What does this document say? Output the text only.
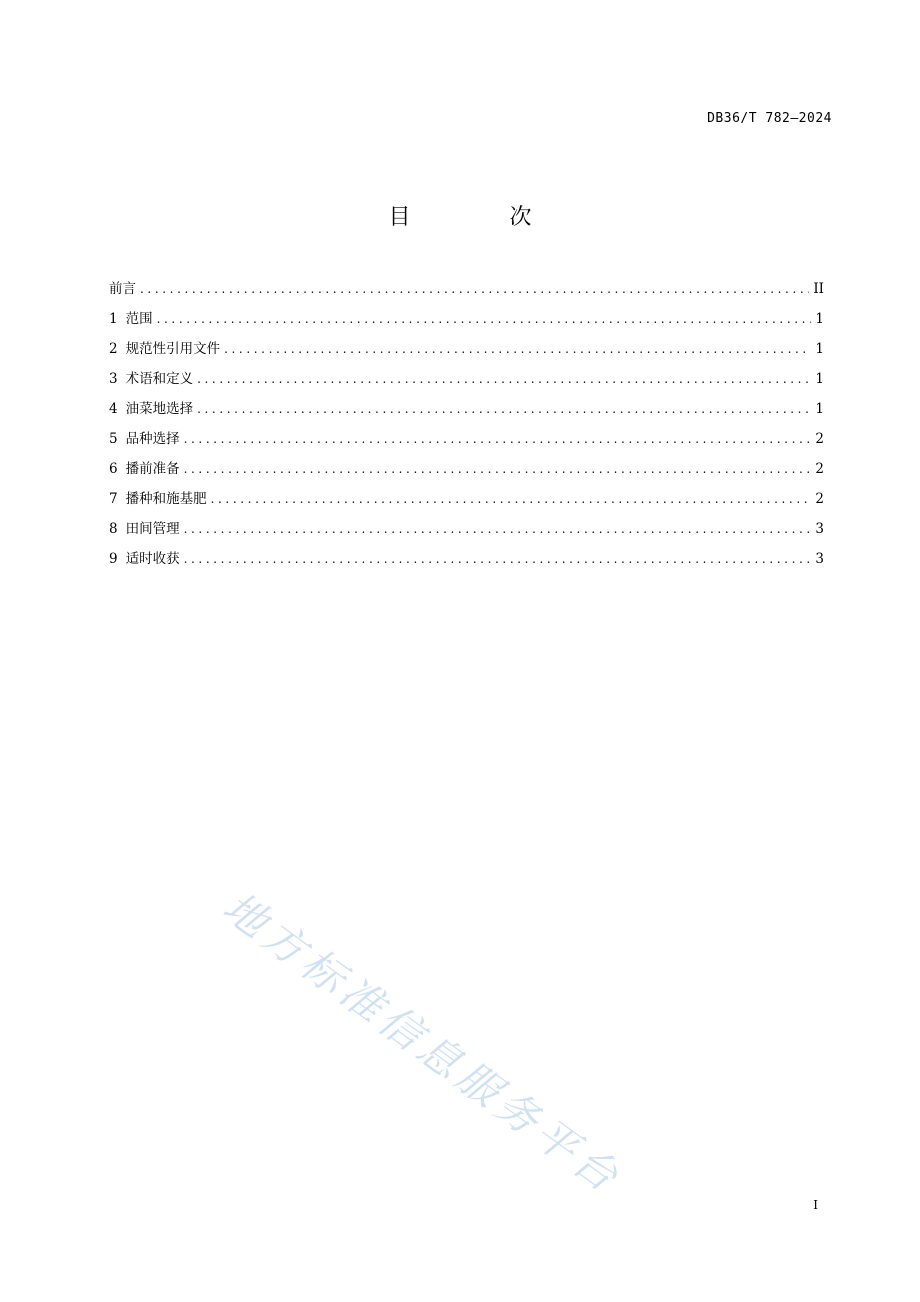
DB36/T 782—2024
目 次
前言 .....	II
1 范围 .....	1
2 规范性引用文件 .....	1
3 术语和定义 .....	1
4 油菜地选择 .....	1
5 品种选择 .....	2
6 播前准备 .....	2
7 播种和施基肥 .....	2
8 田间管理 .....	3
9 适时收获 .....	3
地方标准信息服务平台
I
